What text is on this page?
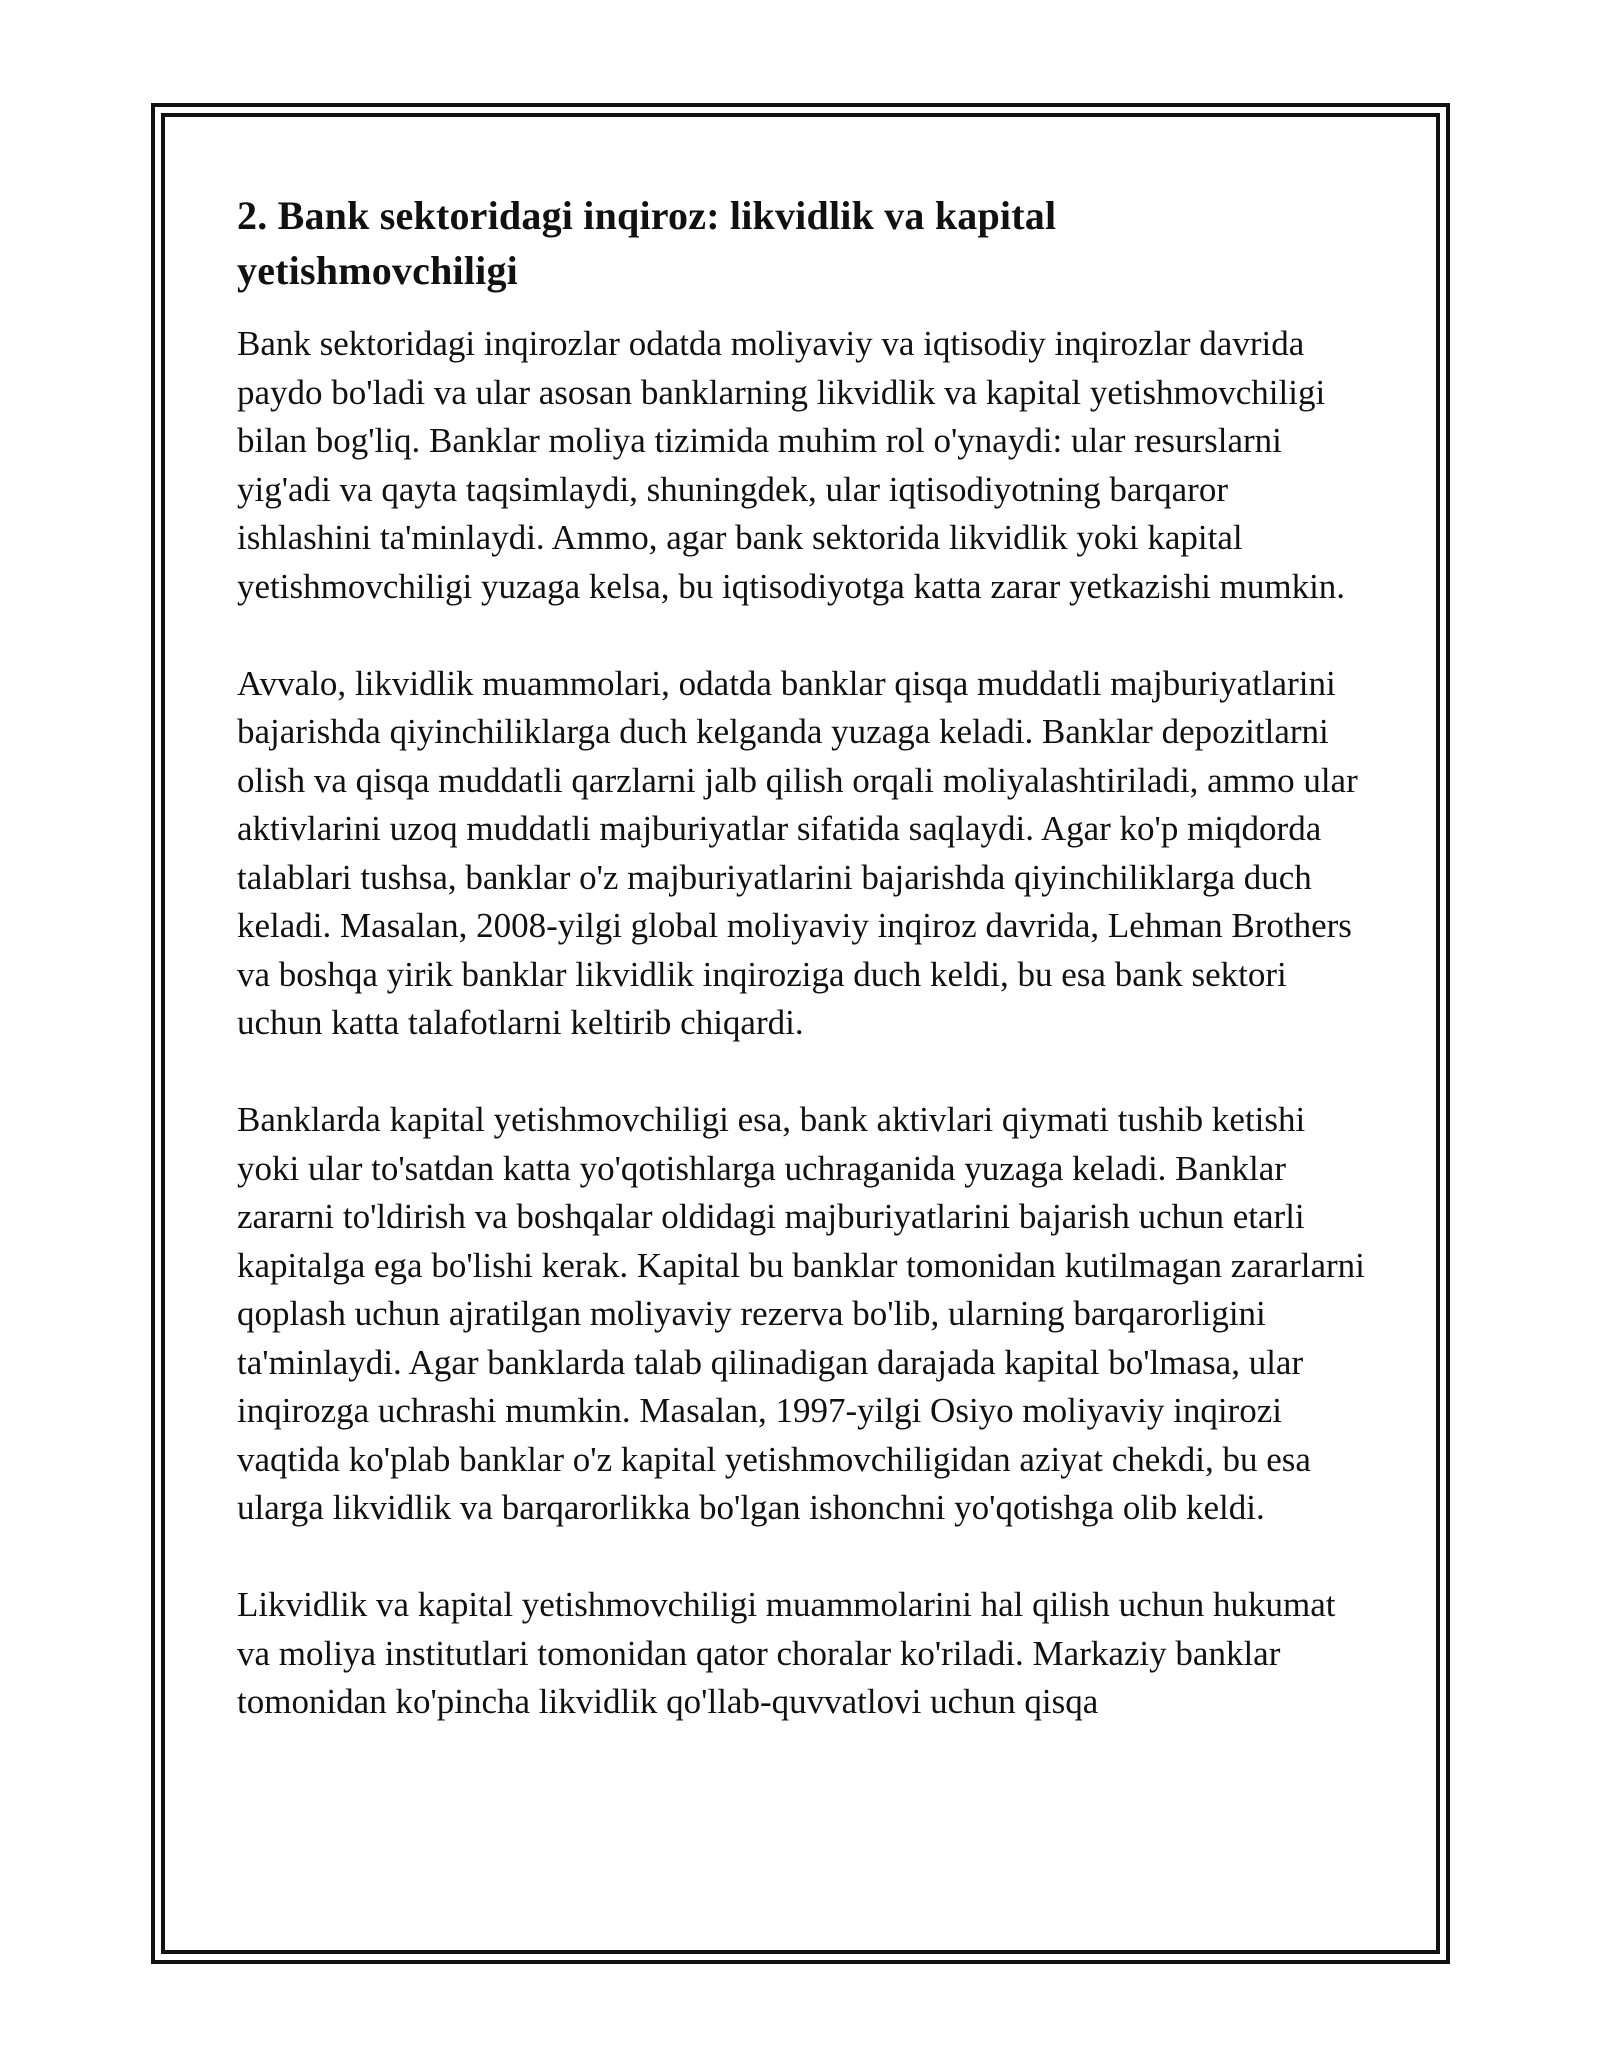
2. Bank sektoridagi inqiroz: likvidlik va kapital yetishmovchiligi

Bank sektoridagi inqirozlar odatda moliyaviy va iqtisodiy inqirozlar davrida paydo bo'ladi va ular asosan banklarning likvidlik va kapital yetishmovchiligi bilan bog'liq. Banklar moliya tizimida muhim rol o'ynaydi: ular resurslarni yig'adi va qayta taqsimlaydi, shuningdek, ular iqtisodiyotning barqaror ishlashini ta'minlaydi. Ammo, agar bank sektorida likvidlik yoki kapital yetishmovchiligi yuzaga kelsa, bu iqtisodiyotga katta zarar yetkazishi mumkin.

Avvalo, likvidlik muammolari, odatda banklar qisqa muddatli majburiyatlarini bajarishda qiyinchiliklarga duch kelganda yuzaga keladi. Banklar depozitlarni olish va qisqa muddatli qarzlarni jalb qilish orqali moliyalashtiriladi, ammo ular aktivlarini uzoq muddatli majburiyatlar sifatida saqlaydi. Agar ko'p miqdorda talablari tushsa, banklar o'z majburiyatlarini bajarishda qiyinchiliklarga duch keladi. Masalan, 2008-yilgi global moliyaviy inqiroz davrida, Lehman Brothers va boshqa yirik banklar likvidlik inqiroziga duch keldi, bu esa bank sektori uchun katta talafotlarni keltirib chiqardi.

Banklarda kapital yetishmovchiligi esa, bank aktivlari qiymati tushib ketishi yoki ular to'satdan katta yo'qotishlarga uchraganida yuzaga keladi. Banklar zararni to'ldirish va boshqalar oldidagi majburiyatlarini bajarish uchun etarli kapitalga ega bo'lishi kerak. Kapital bu banklar tomonidan kutilmagan zararlarni qoplash uchun ajratilgan moliyaviy rezerva bo'lib, ularning barqarorligini ta'minlaydi. Agar banklarda talab qilinadigan darajada kapital bo'lmasa, ular inqirozga uchrashi mumkin. Masalan, 1997-yilgi Osiyo moliyaviy inqirozi vaqtida ko'plab banklar o'z kapital yetishmovchiligidan aziyat chekdi, bu esa ularga likvidlik va barqarorlikka bo'lgan ishonchni yo'qotishga olib keldi.

Likvidlik va kapital yetishmovchiligi muammolarini hal qilish uchun hukumat va moliya institutlari tomonidan qator choralar ko'riladi. Markaziy banklar tomonidan ko'pincha likvidlik qo'llab-quvvatlovi uchun qisqa
